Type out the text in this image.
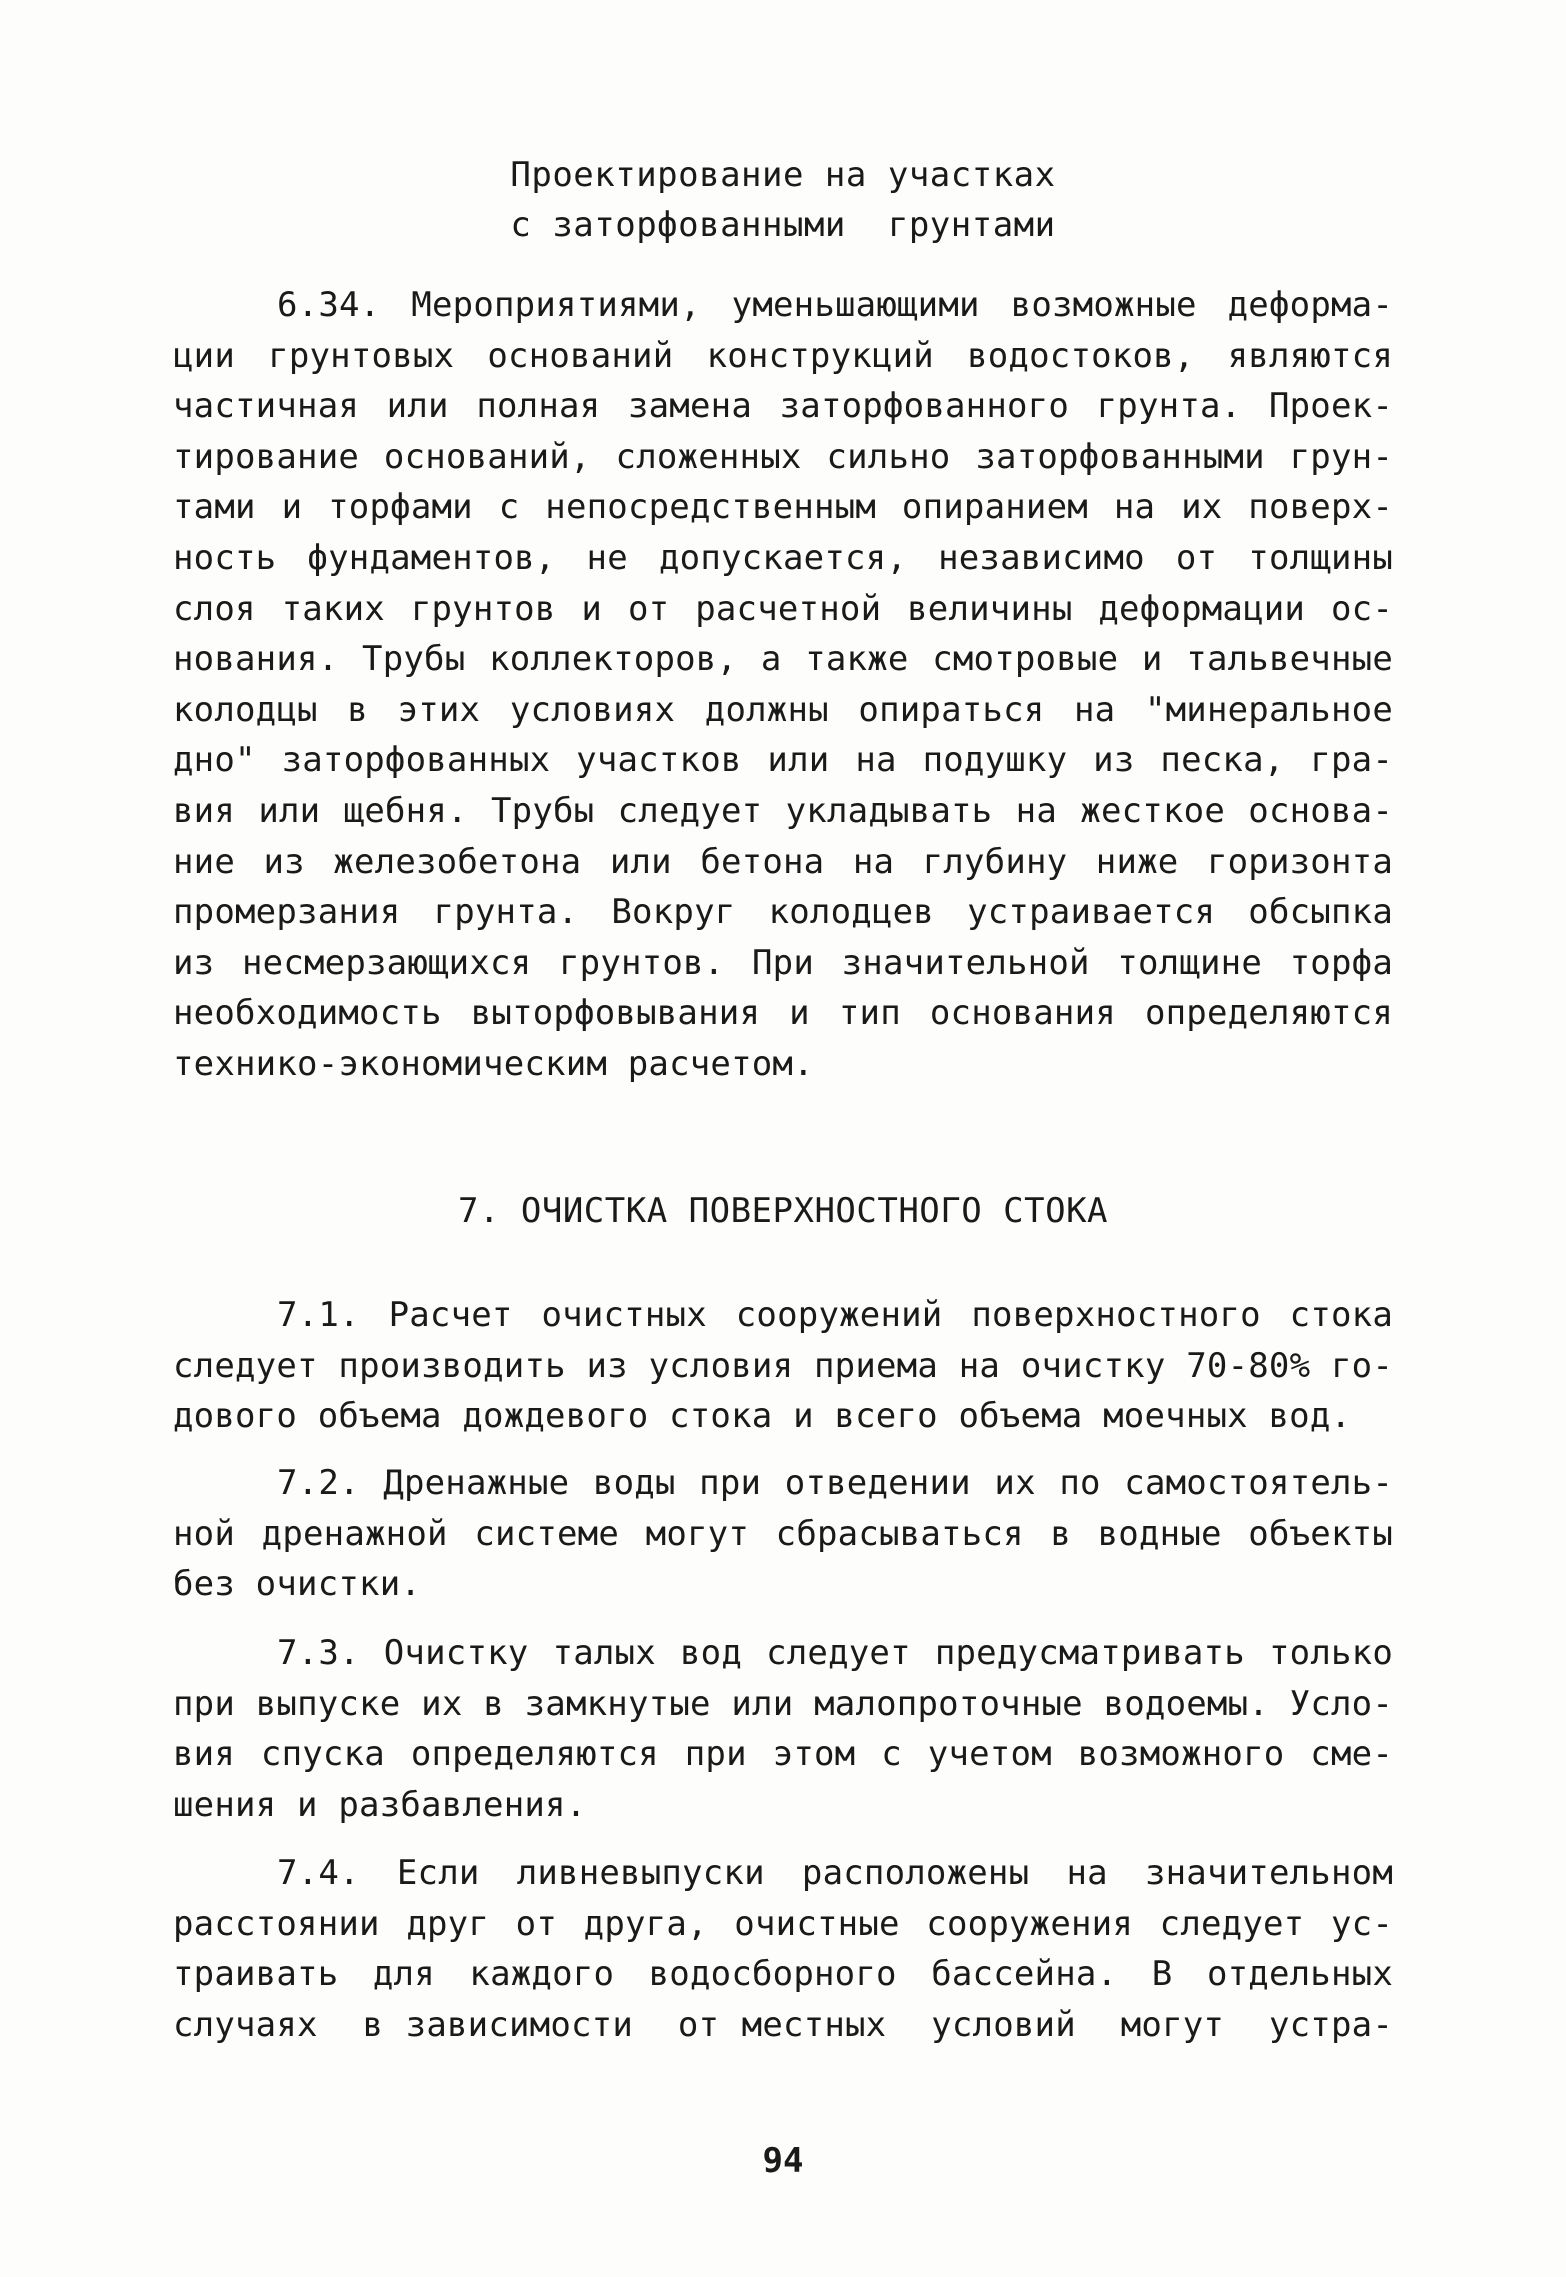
Проектирование на участках
с заторфованными  грунтами
6.34. Мероприятиями, уменьшающими возможные деформа-
ции грунтовых оснований конструкций водостоков, являются
частичная или полная замена заторфованного грунта. Проек-
тирование оснований, сложенных сильно заторфованными грун-
тами и торфами с непосредственным опиранием на их поверх-
ность фундаментов, не допускается, независимо от толщины
слоя таких грунтов и от расчетной величины деформации ос-
нования. Трубы коллекторов, а также смотровые и тальвечные
колодцы в этих условиях должны опираться на "минеральное
дно" заторфованных участков или на подушку из песка, гра-
вия или щебня. Трубы следует укладывать на жесткое основа-
ние из железобетона или бетона на глубину ниже горизонта
промерзания грунта. Вокруг колодцев устраивается обсыпка
из несмерзающихся грунтов. При значительной толщине торфа
необходимость выторфовывания и тип основания определяются
технико-экономическим расчетом.
7. ОЧИСТКА ПОВЕРХНОСТНОГО СТОКА
7.1. Расчет очистных сооружений поверхностного стока
следует производить из условия приема на очистку 70-80% го-
дового объема дождевого стока и всего объема моечных вод.
7.2. Дренажные воды при отведении их по самостоятель-
ной дренажной системе могут сбрасываться в водные объекты
без очистки.
7.3. Очистку талых вод следует предусматривать только
при выпуске их в замкнутые или малопроточные водоемы. Усло-
вия спуска определяются при этом с учетом возможного сме-
шения и разбавления.
7.4. Если ливневыпуски расположены на значительном
расстоянии друг от друга, очистные сооружения следует ус-
траивать для каждого водосборного бассейна. В отдельных
случаях  в зависимости  от местных  условий  могут  устра-
94
